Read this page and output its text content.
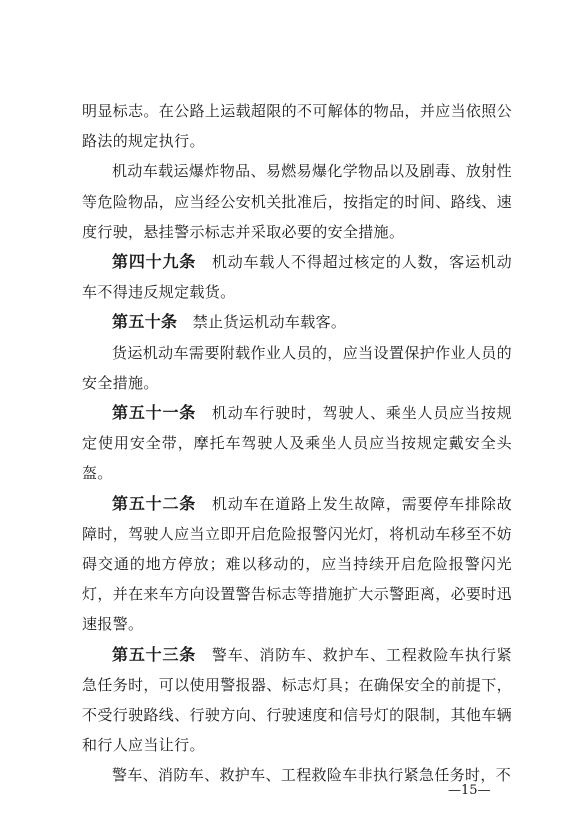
明显标志。在公路上运载超限的不可解体的物品，并应当依照公路法的规定执行。

机动车载运爆炸物品、易燃易爆化学物品以及剧毒、放射性等危险物品，应当经公安机关批准后，按指定的时间、路线、速度行驶，悬挂警示标志并采取必要的安全措施。

第四十九条  机动车载人不得超过核定的人数，客运机动车不得违反规定载货。

第五十条  禁止货运机动车载客。

货运机动车需要附载作业人员的，应当设置保护作业人员的安全措施。

第五十一条  机动车行驶时，驾驶人、乘坐人员应当按规定使用安全带，摩托车驾驶人及乘坐人员应当按规定戴安全头盔。

第五十二条  机动车在道路上发生故障，需要停车排除故障时，驾驶人应当立即开启危险报警闪光灯，将机动车移至不妨碍交通的地方停放；难以移动的，应当持续开启危险报警闪光灯，并在来车方向设置警告标志等措施扩大示警距离，必要时迅速报警。

第五十三条  警车、消防车、救护车、工程救险车执行紧急任务时，可以使用警报器、标志灯具；在确保安全的前提下，不受行驶路线、行驶方向、行驶速度和信号灯的限制，其他车辆和行人应当让行。

警车、消防车、救护车、工程救险车非执行紧急任务时，不

—15—
